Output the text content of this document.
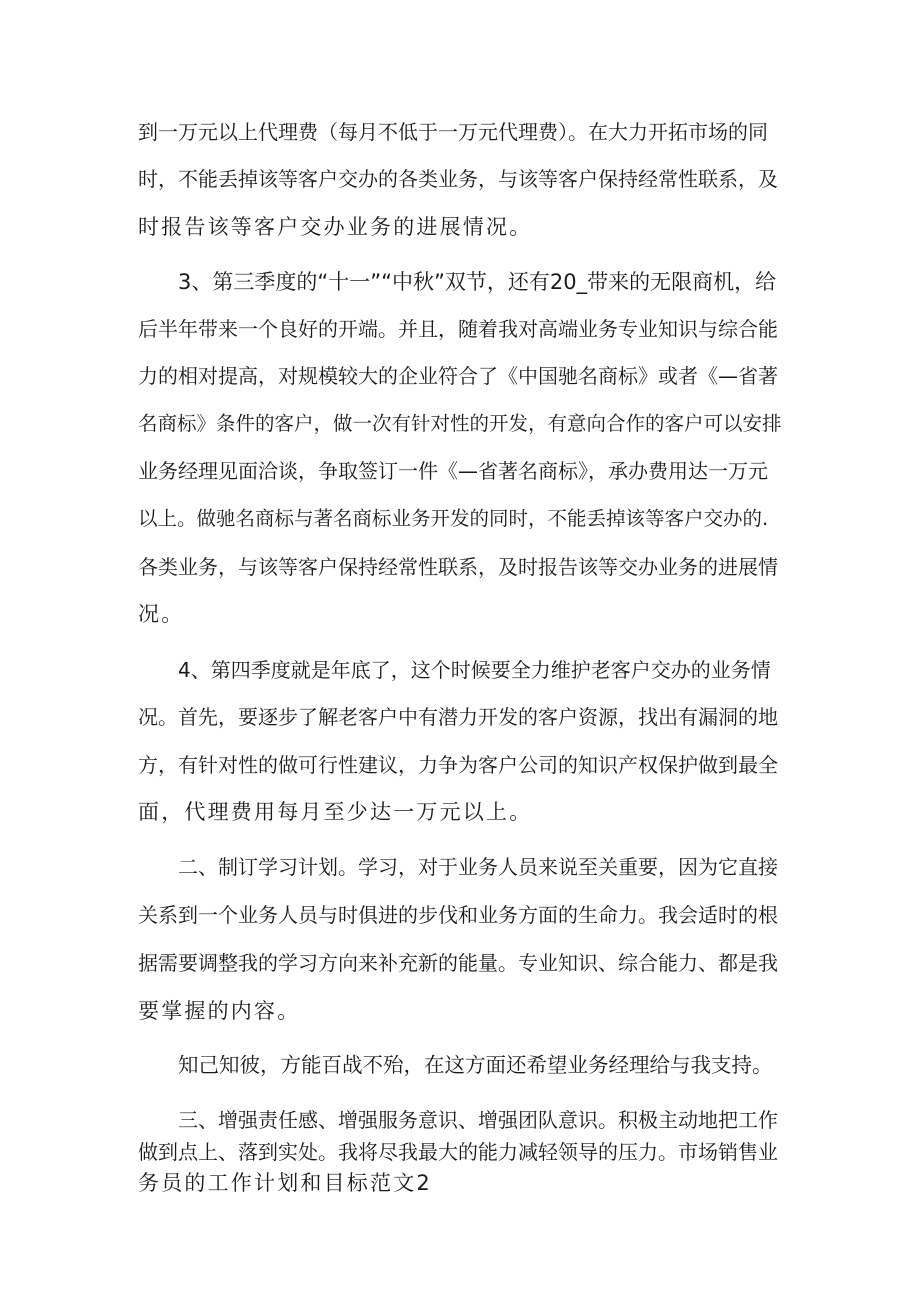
到一万元以上代理费（每月不低于一万元代理费）。在大力开拓市场的同
时，不能丢掉该等客户交办的各类业务，与该等客户保持经常性联系，及
时报告该等客户交办业务的进展情况。
3、第三季度的“十一”“中秋”双节，还有20_带来的无限商机，给
后半年带来一个良好的开端。并且，随着我对高端业务专业知识与综合能
力的相对提高，对规模较大的企业符合了《中国驰名商标》或者《—省著
名商标》条件的客户，做一次有针对性的开发，有意向合作的客户可以安排
业务经理见面洽谈，争取签订一件《—省著名商标》，承办费用达一万元
以上。做驰名商标与著名商标业务开发的同时，不能丢掉该等客户交办的.
各类业务，与该等客户保持经常性联系，及时报告该等交办业务的进展情
况。
4、第四季度就是年底了，这个时候要全力维护老客户交办的业务情
况。首先，要逐步了解老客户中有潜力开发的客户资源，找出有漏洞的地
方，有针对性的做可行性建议，力争为客户公司的知识产权保护做到最全
面，代理费用每月至少达一万元以上。
二、制订学习计划。学习，对于业务人员来说至关重要，因为它直接
关系到一个业务人员与时俱进的步伐和业务方面的生命力。我会适时的根
据需要调整我的学习方向来补充新的能量。专业知识、综合能力、都是我
要掌握的内容。
知己知彼，方能百战不殆，在这方面还希望业务经理给与我支持。
三、增强责任感、增强服务意识、增强团队意识。积极主动地把工作
做到点上、落到实处。我将尽我最大的能力减轻领导的压力。市场销售业
务员的工作计划和目标范文2
